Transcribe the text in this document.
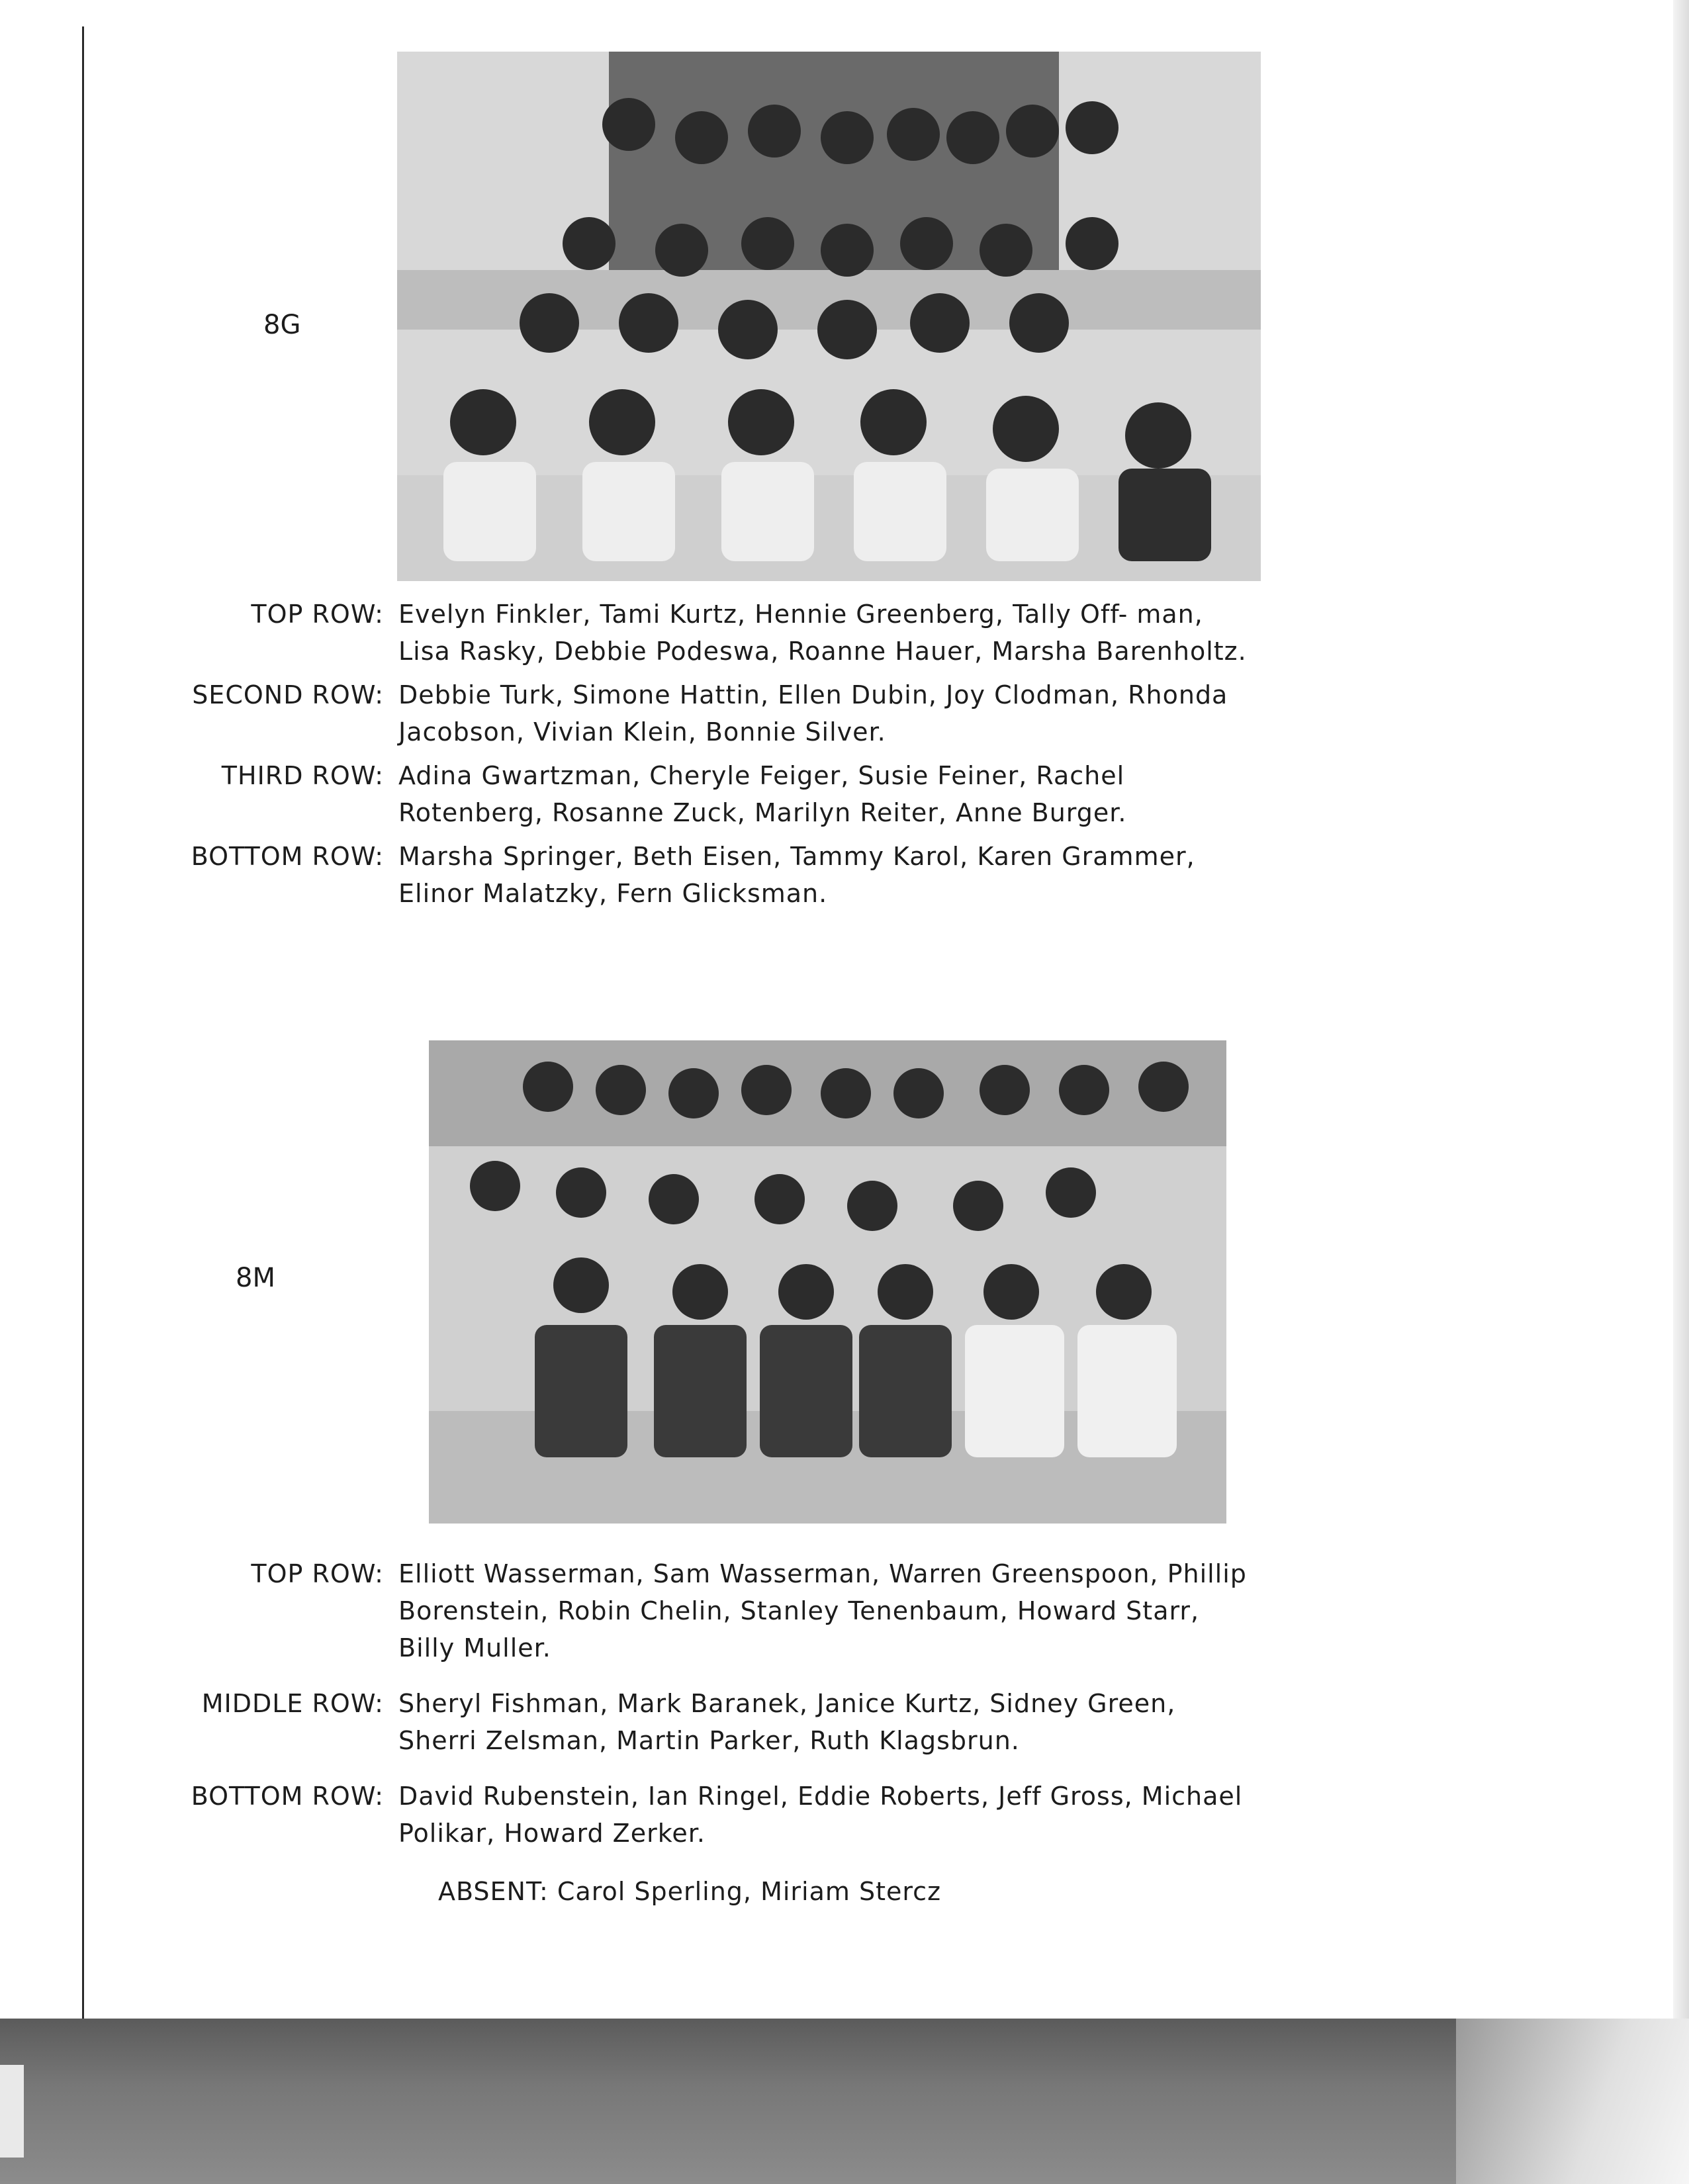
8G
TOP ROW: Evelyn Finkler, Tami Kurtz, Hennie Greenberg, Tally Off- man, Lisa Rasky, Debbie Podeswa, Roanne Hauer, Marsha Barenholtz.
SECOND ROW: Debbie Turk, Simone Hattin, Ellen Dubin, Joy Clodman, Rhonda Jacobson, Vivian Klein, Bonnie Silver.
THIRD ROW: Adina Gwartzman, Cheryle Feiger, Susie Feiner, Rachel Rotenberg, Rosanne Zuck, Marilyn Reiter, Anne Burger.
BOTTOM ROW: Marsha Springer, Beth Eisen, Tammy Karol, Karen Grammer, Elinor Malatzky, Fern Glicksman.
8M
TOP ROW: Elliott Wasserman, Sam Wasserman, Warren Greenspoon, Phillip Borenstein, Robin Chelin, Stanley Tenenbaum, Howard Starr, Billy Muller.
MIDDLE ROW: Sheryl Fishman, Mark Baranek, Janice Kurtz, Sidney Green, Sherri Zelsman, Martin Parker, Ruth Klagsbrun.
BOTTOM ROW: David Rubenstein, Ian Ringel, Eddie Roberts, Jeff Gross, Michael Polikar, Howard Zerker.
ABSENT: Carol Sperling, Miriam Stercz
